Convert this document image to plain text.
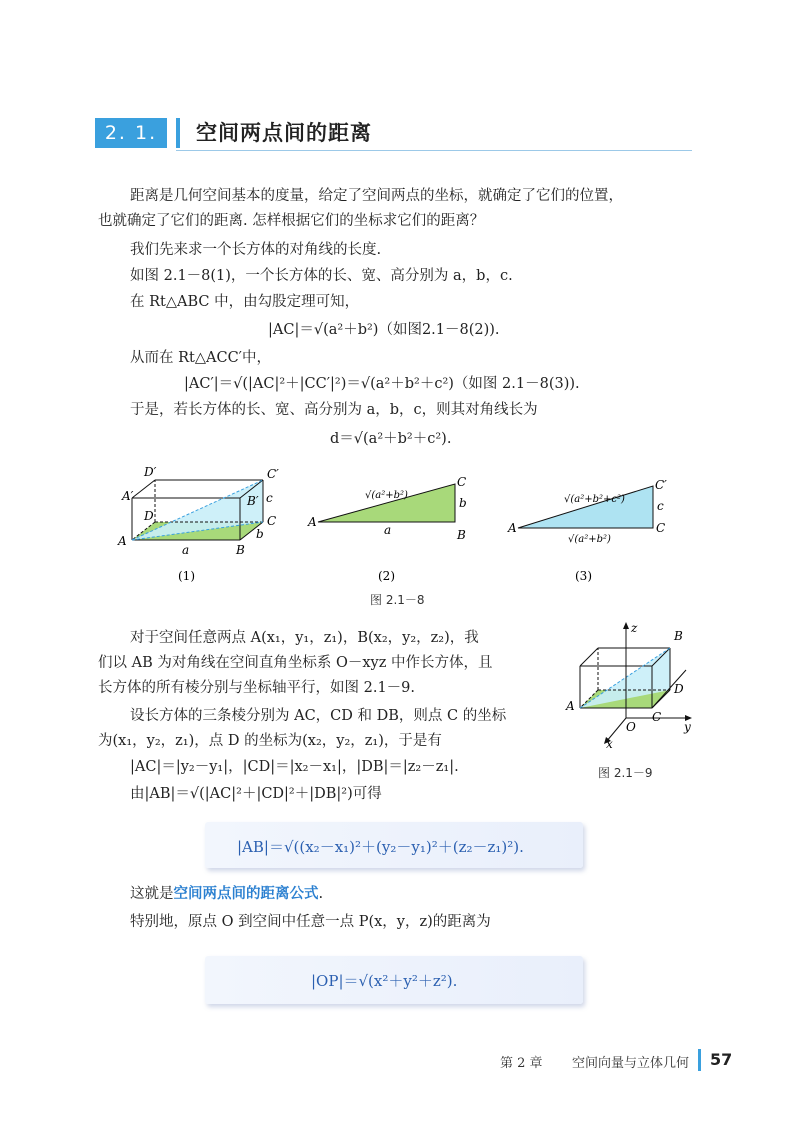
2. 1. 2
空间两点间的距离
距离是几何空间基本的度量，给定了空间两点的坐标，就确定了它们的位置，
也就确定了它们的距离. 怎样根据它们的坐标求它们的距离？
我们先来求一个长方体的对角线的长度.
如图 2.1－8(1)，一个长方体的长、宽、高分别为 a，b，c.
在 Rt△ABC 中，由勾股定理可知，
|AC|＝√(a²＋b²)（如图2.1－8(2)).
从而在 Rt△ACC′中，
|AC′|＝√(|AC|²＋|CC′|²)＝√(a²＋b²＋c²)（如图 2.1－8(3)).
于是，若长方体的长、宽、高分别为 a，b，c，则其对角线长为
d＝√(a²＋b²＋c²).
A
B
C
D
A′	B′
C′
D′
a
b
c
(1)
A
B
C
a
b
√(a²+b²)
(2)
A	C
C′
c
√(a²+b²+c²)
√(a²+b²)
(3)
图 2.1－8
对于空间任意两点 A(x₁，y₁，z₁)，B(x₂，y₂，z₂)，我
们以 AB 为对角线在空间直角坐标系 O－xyz 中作长方体，且
长方体的所有棱分别与坐标轴平行，如图 2.1－9.
设长方体的三条棱分别为 AC，CD 和 DB，则点 C 的坐标
为(x₁，y₂，z₁)，点 D 的坐标为(x₂，y₂，z₁)，于是有
|AC|＝|y₂－y₁|，|CD|＝|x₂－x₁|，|DB|＝|z₂－z₁|.
由|AB|＝√(|AC|²＋|CD|²＋|DB|²)可得
z
y
x
O
A
B
C
D
图 2.1－9
|AB|＝√((x₂－x₁)²＋(y₂－y₁)²＋(z₂－z₁)²).
这就是空间两点间的距离公式.
特别地，原点 O 到空间中任意一点 P(x，y，z)的距离为
|OP|＝√(x²＋y²＋z²).
第 2 章 空间向量与立体几何 57
